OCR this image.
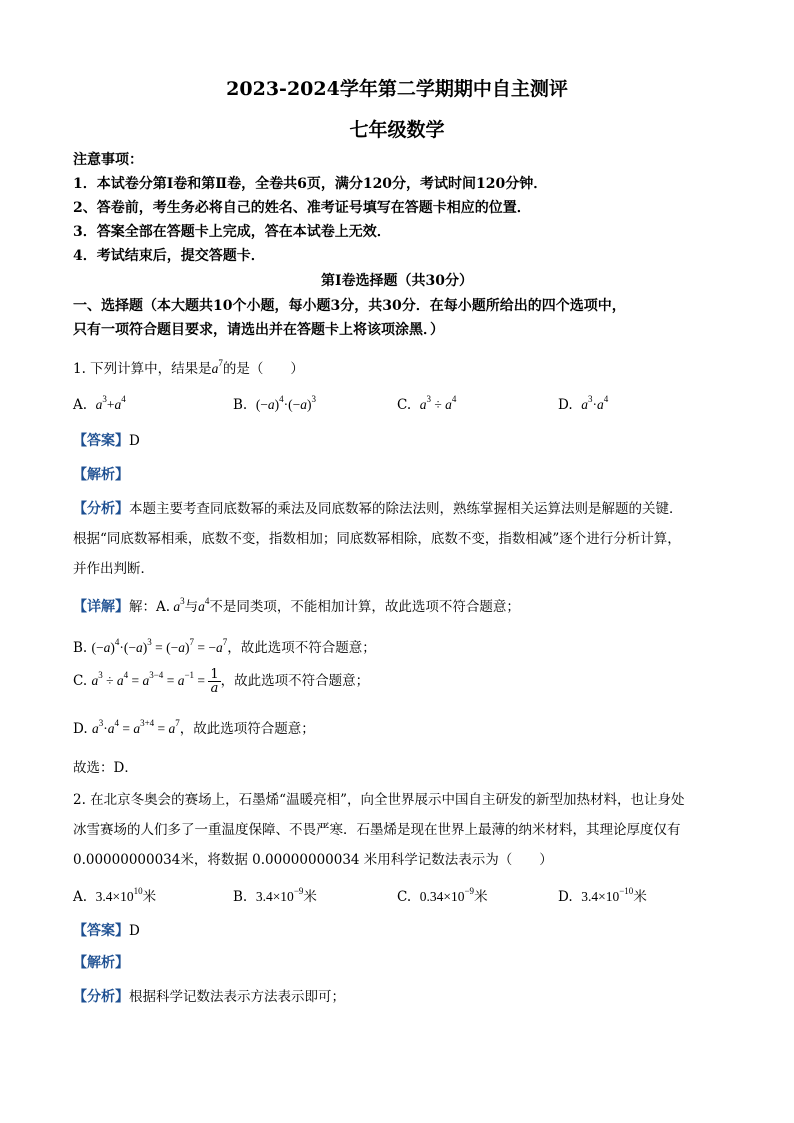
2023-2024学年第二学期期中自主测评
七年级数学
注意事项：
1．本试卷分第Ⅰ卷和第Ⅱ卷，全卷共6页，满分120分，考试时间120分钟．
2、答卷前，考生务必将自己的姓名、准考证号填写在答题卡相应的位置．
3．答案全部在答题卡上完成，答在本试卷上无效．
4．考试结束后，提交答题卡．
第Ⅰ卷选择题（共30分）
一、选择题（本大题共10个小题，每小题3分，共30分．在每小题所给出的四个选项中，
只有一项符合题目要求，请选出并在答题卡上将该项涂黑．）
1. 下列计算中，结果是$a^7$的是（　　）
A. $a^3+a^4$	B. $(-a)^4\cdot(-a)^3$	C. $a^3 \div a^4$	D. $a^3\cdot a^4$
【答案】D
【解析】
【分析】本题主要考查同底数幂的乘法及同底数幂的除法法则，熟练掌握相关运算法则是解题的关键．
根据“同底数幂相乘，底数不变，指数相加；同底数幂相除，底数不变，指数相减”逐个进行分析计算，
并作出判断．
【详解】解：A. $a^3$与$a^4$不是同类项，不能相加计算，故此选项不符合题意；
B. $(-a)^4\cdot(-a)^3 = (-a)^7 = -a^7$，故此选项不符合题意；
C. $a^3 \div a^4 = a^{3-4} = a^{-1} = \frac{1}{a}$ ，故此选项不符合题意；
D. $a^3\cdot a^4 = a^{3+4} = a^7$，故此选项符合题意；
故选：D．
2. 在北京冬奥会的赛场上，石墨烯“温暖亮相”，向全世界展示中国自主研发的新型加热材料，也让身处
冰雪赛场的人们多了一重温度保障、不畏严寒．石墨烯是现在世界上最薄的纳米材料，其理论厚度仅有
0.00000000034米，将数据 0.00000000034 米用科学记数法表示为（　　）
A. $3.4\times 10^{10}$米	B. $3.4\times 10^{-9}$米	C. $0.34\times 10^{-9}$米	D. $3.4\times 10^{-10}$米
【答案】D
【解析】
【分析】根据科学记数法表示方法表示即可；
